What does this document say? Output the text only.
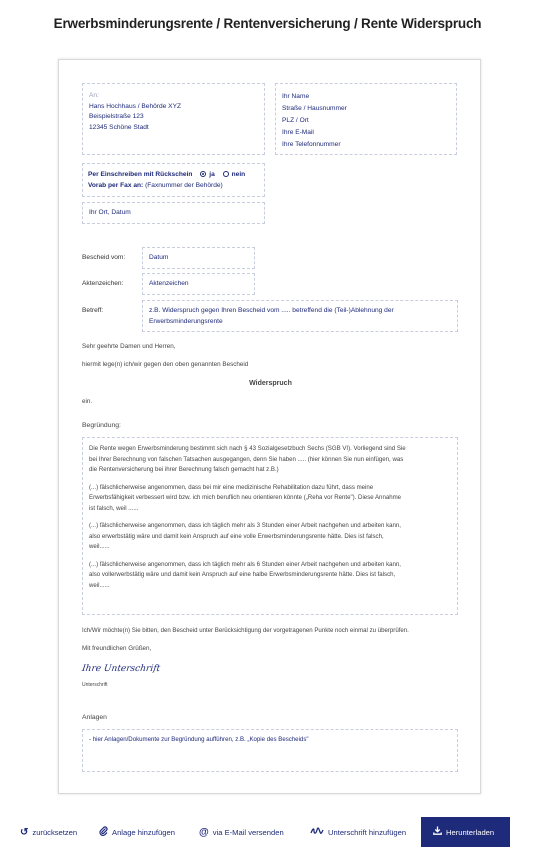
Erwerbsminderungsrente / Rentenversicherung / Rente Widerspruch
An:
Hans Hochhaus / Behörde XYZ
Beispielstraße 123
12345 Schöne Stadt
Ihr Name
Straße / Hausnummer
PLZ / Ort
Ihre E-Mail
Ihre Telefonnummer
Per Einschreiben mit Rückschein	ja	nein
Vorab per Fax an: (Faxnummer der Behörde)
Ihr Ort, Datum
Bescheid vom:	Datum
Aktenzeichen:	Aktenzeichen
Betreff:	z.B. Widerspruch gegen Ihren Bescheid vom ..... betreffend die (Teil-)Ablehnung der
Erwerbsminderungsrente
Sehr geehrte Damen und Herren,
hiermit lege(n) ich/wir gegen den oben genannten Bescheid
Widerspruch
ein.
Begründung:
Die Rente wegen Erwerbsminderung bestimmt sich nach § 43 Sozialgesetzbuch Sechs (SGB VI). Vorliegend sind Sie
bei Ihrer Berechnung von falschen Tatsachen ausgegangen, denn Sie haben ..... (hier können Sie nun einfügen, was
die Rentenversicherung bei ihrer Berechnung falsch gemacht hat z.B.)
(...) fälschlicherweise angenommen, dass bei mir eine medizinische Rehabilitation dazu führt, dass meine
Erwerbsfähigkeit verbessert wird bzw. ich mich beruflich neu orientieren könnte („Reha vor Rente"). Diese Annahme
ist falsch, weil ......
(...) fälschlicherweise angenommen, dass ich täglich mehr als 3 Stunden einer Arbeit nachgehen und arbeiten kann,
also erwerbstätig wäre und damit kein Anspruch auf eine volle Erwerbsminderungsrente hätte. Dies ist falsch,
weil......
(...) fälschlicherweise angenommen, dass ich täglich mehr als 6 Stunden einer Arbeit nachgehen und arbeiten kann,
also vollerwerbstätig wäre und damit kein Anspruch auf eine halbe Erwerbsminderungsrente hätte. Dies ist falsch,
weil......
Ich/Wir möchte(n) Sie bitten, den Bescheid unter Berücksichtigung der vorgetragenen Punkte noch einmal zu überprüfen.
Mit freundlichen Grüßen,
Ihre Unterschrift
Unterschrift
Anlagen
- hier Anlagen/Dokumente zur Begründung aufführen, z.B. „Kopie des Bescheids"
↺ zurücksetzen	Anlage hinzufügen @ via E-Mail versenden	Unterschrift hinzufügen	Herunterladen
